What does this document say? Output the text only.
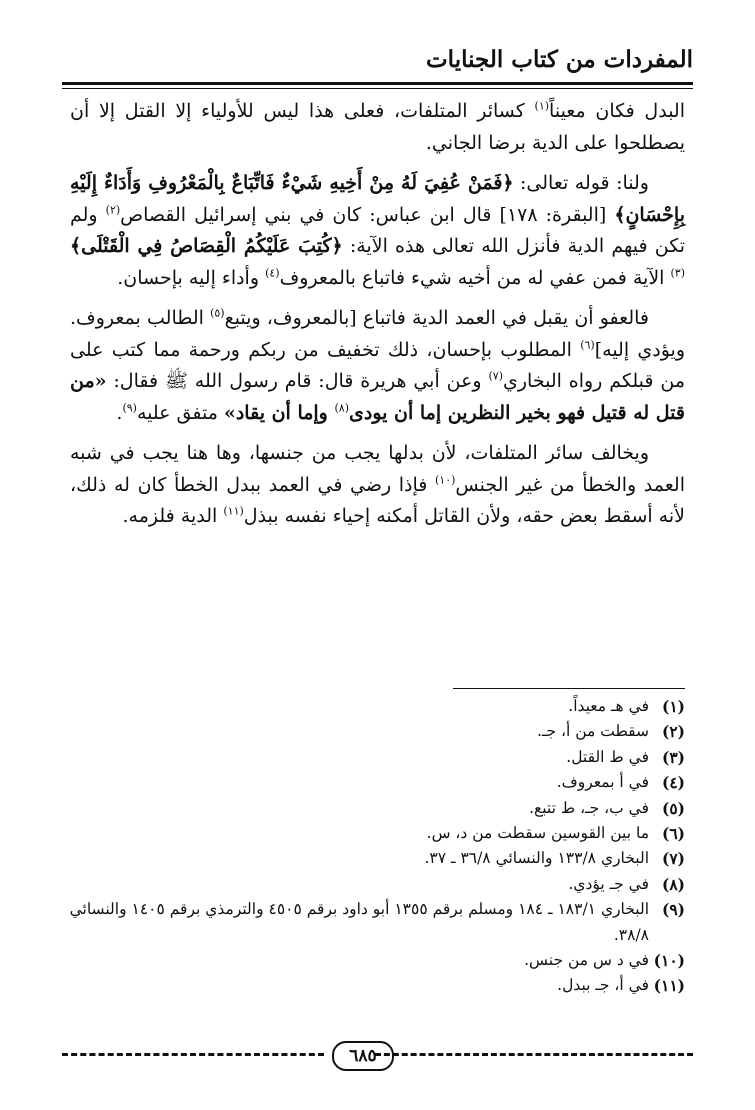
المفردات من كتاب الجنايات

البدل فكان معيناً$^{(١)}$ كسائر المتلفات، فعلى هذا ليس للأولياء إلا القتل إلا أن يصطلحوا على الدية برضا الجاني.

ولنا: قوله تعالى: ﴿فَمَنْ عُفِيَ لَهُ مِنْ أَخِيهِ شَيْءٌ فَاتِّبَاعٌ بِالْمَعْرُوفِ وَأَدَاءٌ إِلَيْهِ بِإِحْسَانٍ﴾ [البقرة: ١٧٨] قال ابن عباس: كان في بني إسرائيل القصاص$^{(٢)}$ ولم تكن فيهم الدية فأنزل الله تعالى هذه الآية: ﴿كُتِبَ عَلَيْكُمُ الْقِصَاصُ فِي الْقَتْلَى﴾$^{(٣)}$ الآية فمن عفي له من أخيه شيء فاتباع بالمعروف$^{(٤)}$ وأداء إليه بإحسان.

فالعفو أن يقبل في العمد الدية فاتباع [بالمعروف، ويتبع$^{(٥)}$ الطالب بمعروف. ويؤدي إليه]$^{(٦)}$ المطلوب بإحسان، ذلك تخفيف من ربكم ورحمة مما كتب على من قبلكم رواه البخاري$^{(٧)}$ وعن أبي هريرة قال: قام رسول الله ﷺ فقال: «من قتل له قتيل فهو بخير النظرين إما أن يودى$^{(٨)}$ وإما أن يقاد» متفق عليه$^{(٩)}$.

ويخالف سائر المتلفات، لأن بدلها يجب من جنسها، وها هنا يجب في شبه العمد والخطأ من غير الجنس$^{(١٠)}$ فإذا رضي في العمد ببدل الخطأ كان له ذلك، لأنه أسقط بعض حقه، ولأن القاتل أمكنه إحياء نفسه ببذل$^{(١١)}$ الدية فلزمه.

(١)
في هـ معيداً.
(٢)
سقطت من أ، جـ.
(٣)
في ط القتل.
(٤)
في أ بمعروف.
(٥)
في ب، جـ، ط تتبع.
(٦)
ما بين القوسين سقطت من د، س.
(٧)
البخاري ١٣٣/٨ والنسائي ٣٦/٨ ـ ٣٧.
(٨)
في جـ يؤدي.
(٩)
البخاري ١٨٣/١ ـ ١٨٤ ومسلم برقم ١٣٥٥ أبو داود برقم ٤٥٠٥ والترمذي برقم ١٤٠٥ والنسائي ٣٨/٨.
(١٠)
في د س من جنس.
(١١)
في أ، جـ ببدل.
٦٨٥
